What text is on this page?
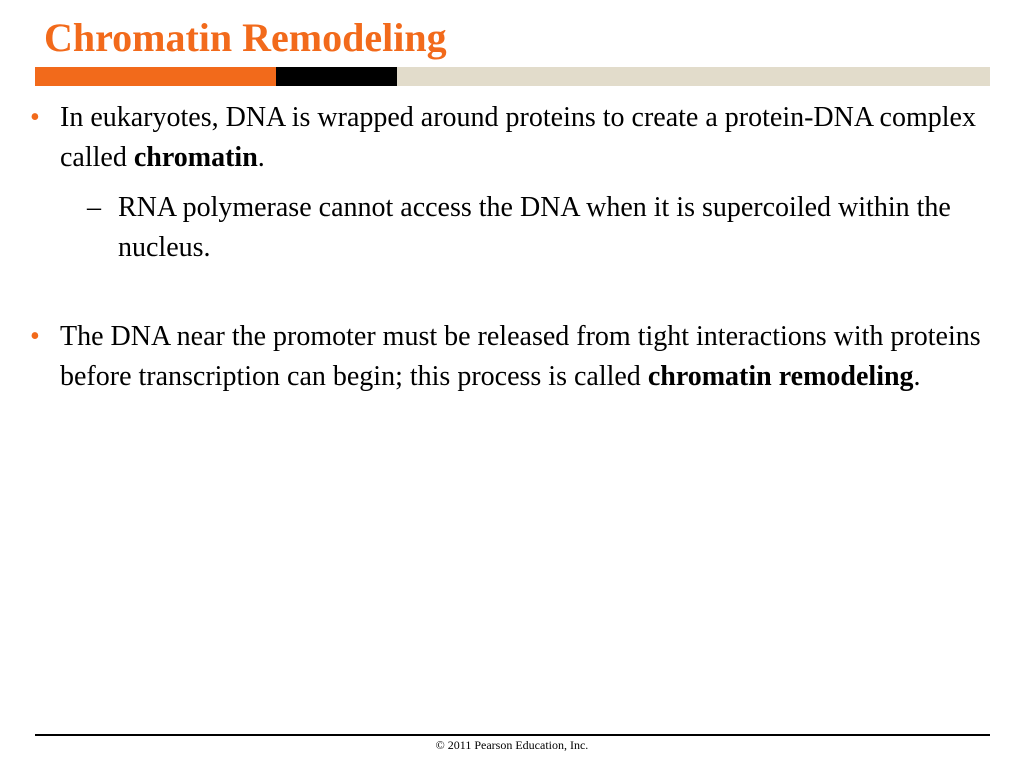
Chromatin Remodeling

• In eukaryotes, DNA is wrapped around proteins to create a protein-DNA complex called chromatin.

– RNA polymerase cannot access the DNA when it is supercoiled within the nucleus.

• The DNA near the promoter must be released from tight interactions with proteins before transcription can begin; this process is called chromatin remodeling.

© 2011 Pearson Education, Inc.
